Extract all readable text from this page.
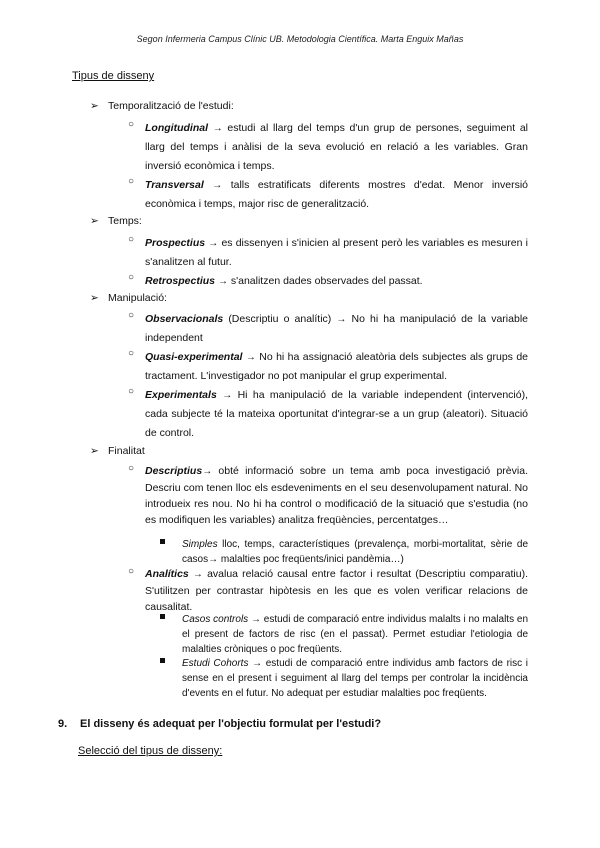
Segon Infermeria Campus Clínic UB. Metodologia Científica. Marta Enguix Mañas
Tipus de disseny
➢ Temporalització de l'estudi:
○ Longitudinal → estudi al llarg del temps d'un grup de persones, seguiment al llarg del temps i anàlisi de la seva evolució en relació a les variables. Gran inversió econòmica i temps.
○ Transversal → talls estratificats diferents mostres d'edat. Menor inversió econòmica i temps, major risc de generalització.
➢ Temps:
○ Prospectius → es dissenyen i s'inicien al present però les variables es mesuren i s'analitzen al futur.
○ Retrospectius → s'analitzen dades observades del passat.
➢ Manipulació:
○ Observacionals (Descriptiu o analític) → No hi ha manipulació de la variable independent
○ Quasi-experimental → No hi ha assignació aleatòria dels subjectes als grups de tractament. L'investigador no pot manipular el grup experimental.
○ Experimentals → Hi ha manipulació de la variable independent (intervenció), cada subjecte té la mateixa oportunitat d'integrar-se a un grup (aleatori). Situació de control.
➢ Finalitat
○ Descriptius→ obté informació sobre un tema amb poca investigació prèvia. Descriu com tenen lloc els esdeveniments en el seu desenvolupament natural. No introdueix res nou. No hi ha control o modificació de la situació que s'estudia (no es modifiquen les variables) analitza freqüències, percentatges…
Simples lloc, temps, característiques (prevalença, morbi-mortalitat, sèrie de casos→ malalties poc freqüents/inici pandèmia…)
○ Analítics → avalua relació causal entre factor i resultat (Descriptiu comparatiu). S'utilitzen per contrastar hipòtesis en les que es volen verificar relacions de causalitat.
Casos controls → estudi de comparació entre individus malalts i no malalts en el present de factors de risc (en el passat). Permet estudiar l'etiologia de malalties cròniques o poc freqüents.
Estudi Cohorts → estudi de comparació entre individus amb factors de risc i sense en el present i seguiment al llarg del temps per controlar la incidència d'events en el futur. No adequat per estudiar malalties poc freqüents.
9. El disseny és adequat per l'objectiu formulat per l'estudi?
Selecció del tipus de disseny:
